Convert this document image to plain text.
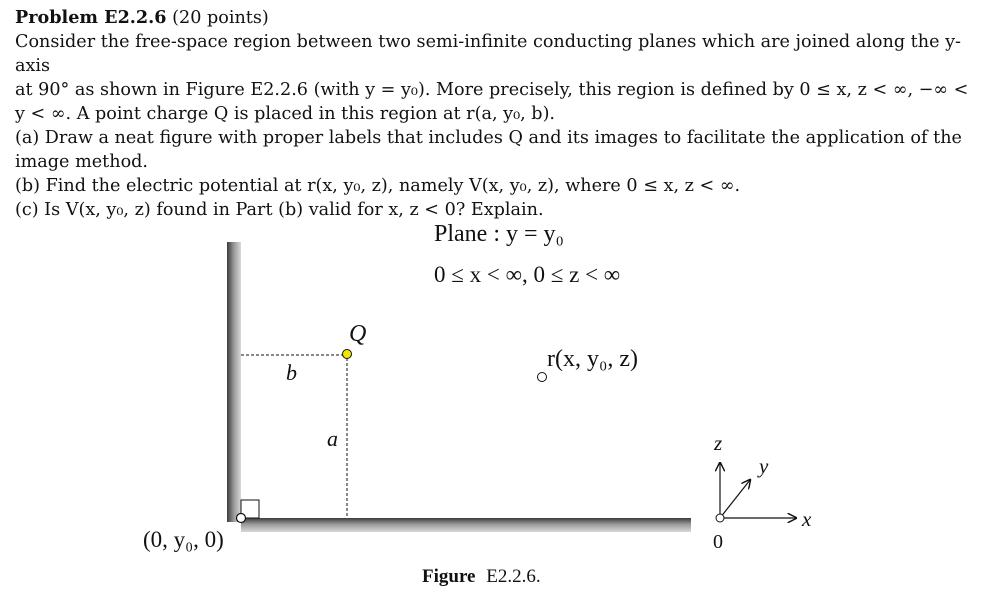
Problem E2.2.6 (20 points)

Consider the free-space region between two semi-infinite conducting planes which are joined along the y-axis

at 90° as shown in Figure E2.2.6 (with y = y₀). More precisely, this region is defined by 0 ≤ x, z < ∞, −∞ <

y < ∞. A point charge Q is placed in this region at r(a, y₀, b).

(a) Draw a neat figure with proper labels that includes Q and its images to facilitate the application of the

image method.

(b) Find the electric potential at r(x, y₀, z), namely V(x, y₀, z), where 0 ≤ x, z < ∞.

(c) Is V(x, y₀, z) found in Part (b) valid for x, z < 0? Explain.

Q
b
a
r(x, y₀, z)
Plane : y = y₀
0 ≤ x < ∞, 0 ≤ z < ∞
(0, y₀, 0)
z
y
x
0
Figure E2.2.6.
